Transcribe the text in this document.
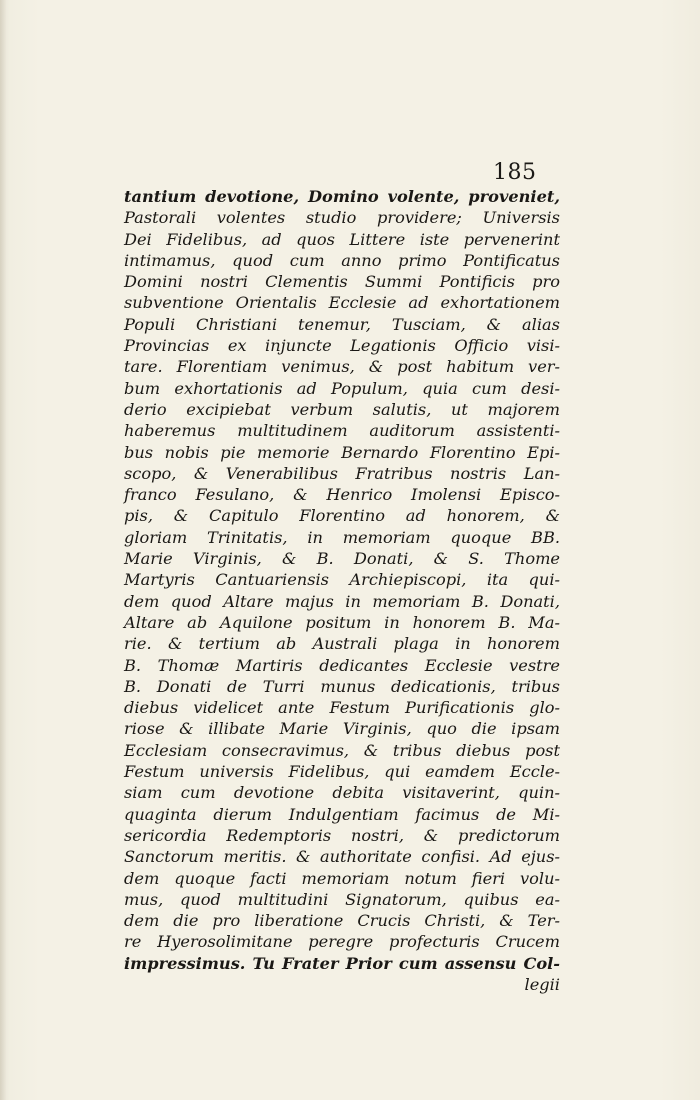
185
tantium devotione, Domino volente, proveniet,
Pastorali volentes studio providere; Universis
Dei Fidelibus, ad quos Littere iste pervenerint
intimamus, quod cum anno primo Pontificatus
Domini nostri Clementis Summi Pontificis pro
subventione Orientalis Ecclesie ad exhortationem
Populi Christiani tenemur, Tusciam, & alias
Provincias ex injuncte Legationis Officio visi-
tare. Florentiam venimus, & post habitum ver-
bum exhortationis ad Populum, quia cum desi-
derio excipiebat verbum salutis, ut majorem
haberemus multitudinem auditorum assistenti-
bus nobis pie memorie Bernardo Florentino Epi-
scopo, & Venerabilibus Fratribus nostris Lan-
franco Fesulano, & Henrico Imolensi Episco-
pis, & Capitulo Florentino ad honorem, &
gloriam Trinitatis, in memoriam quoque BB.
Marie Virginis, & B. Donati, & S. Thome
Martyris Cantuariensis Archiepiscopi, ita qui-
dem quod Altare majus in memoriam B. Donati,
Altare ab Aquilone positum in honorem B. Ma-
rie. & tertium ab Australi plaga in honorem
B. Thomæ Martiris dedicantes Ecclesie vestre
B. Donati de Turri munus dedicationis, tribus
diebus videlicet ante Festum Purificationis glo-
riose & illibate Marie Virginis, quo die ipsam
Ecclesiam consecravimus, & tribus diebus post
Festum universis Fidelibus, qui eamdem Eccle-
siam cum devotione debita visitaverint, quin-
quaginta dierum Indulgentiam facimus de Mi-
sericordia Redemptoris nostri, & predictorum
Sanctorum meritis. & authoritate confisi. Ad ejus-
dem quoque facti memoriam notum fieri volu-
mus, quod multitudini Signatorum, quibus ea-
dem die pro liberatione Crucis Christi, & Ter-
re Hyerosolimitane peregre profecturis Crucem
impressimus. Tu Frater Prior cum assensu Col-
legii
